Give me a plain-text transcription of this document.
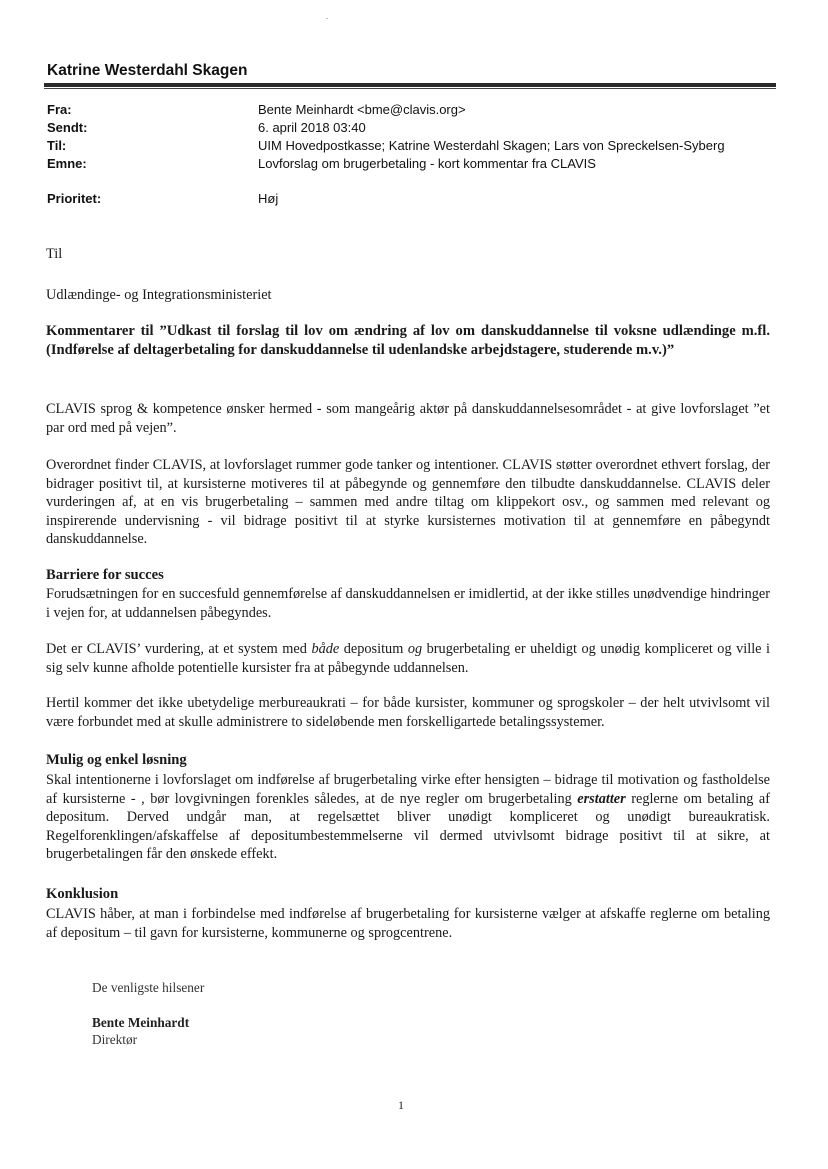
Katrine Westerdahl Skagen
Fra:	Bente Meinhardt <bme@clavis.org>
Sendt:	6. april 2018 03:40
Til:	UIM Hovedpostkasse; Katrine Westerdahl Skagen; Lars von Spreckelsen-Syberg
Emne:	Lovforslag om brugerbetaling - kort kommentar fra CLAVIS
Prioritet:	Høj
Til
Udlændinge- og Integrationsministeriet
Kommentarer til ”Udkast til forslag til lov om ændring af lov om danskuddannelse til voksne udlændinge m.fl. (Indførelse af deltagerbetaling for danskuddannelse til udenlandske arbejdstagere, studerende m.v.)”
CLAVIS sprog & kompetence ønsker hermed - som mangeårig aktør på danskuddannelsesområdet - at give lovforslaget ”et par ord med på vejen”.
Overordnet finder CLAVIS, at lovforslaget rummer gode tanker og intentioner. CLAVIS støtter overordnet ethvert forslag, der bidrager positivt til, at kursisterne motiveres til at påbegynde og gennemføre den tilbudte danskuddannelse. CLAVIS deler vurderingen af, at en vis brugerbetaling – sammen med andre tiltag om klippekort osv., og sammen med relevant og inspirerende undervisning - vil bidrage positivt til at styrke kursisternes motivation til at gennemføre en påbegyndt danskuddannelse.
Barriere for succes
Forudsætningen for en succesfuld gennemførelse af danskuddannelsen er imidlertid, at der ikke stilles unødvendige hindringer i vejen for, at uddannelsen påbegyndes.
Det er CLAVIS’ vurdering, at et system med både depositum og brugerbetaling er uheldigt og unødig kompliceret og ville i sig selv kunne afholde potentielle kursister fra at påbegynde uddannelsen.
Hertil kommer det ikke ubetydelige merbureaukrati – for både kursister, kommuner og sprogskoler – der helt utvivlsomt vil være forbundet med at skulle administrere to sideløbende men forskelligartede betalingssystemer.
Mulig og enkel løsning
Skal intentionerne i lovforslaget om indførelse af brugerbetaling virke efter hensigten – bidrage til motivation og fastholdelse af kursisterne - , bør lovgivningen forenkles således, at de nye regler om brugerbetaling erstatter reglerne om betaling af depositum. Derved undgår man, at regelsættet bliver unødigt kompliceret og unødigt bureaukratisk. Regelforenklingen/afskaffelse af depositumbestemmelserne vil dermed utvivlsomt bidrage positivt til at sikre, at brugerbetalingen får den ønskede effekt.
Konklusion
CLAVIS håber, at man i forbindelse med indførelse af brugerbetaling for kursisterne vælger at afskaffe reglerne om betaling af depositum – til gavn for kursisterne, kommunerne og sprogcentrene.
De venligste hilsener
Bente Meinhardt
Direktør
1
